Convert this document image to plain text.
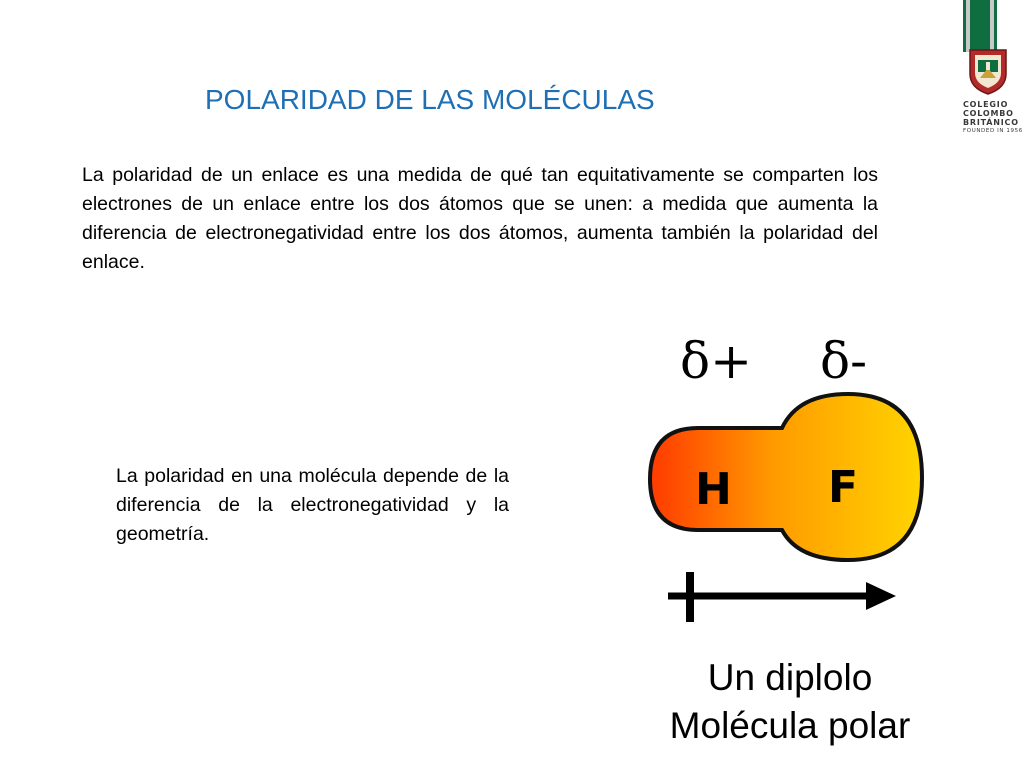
COLEGIO
COLOMBO
BRITÁNICO
FOUNDED IN 1956
POLARIDAD DE LAS MOLÉCULAS
La polaridad de un enlace es una medida de qué tan equitativamente se comparten los electrones de un enlace entre los dos átomos que se unen: a medida que aumenta la diferencia de electronegatividad entre los dos átomos, aumenta también la polaridad del enlace.
La polaridad en una molécula depende de la diferencia de la electronegatividad y la geometría.
δ+ δ-
H F
Un diplolo
Molécula polar
